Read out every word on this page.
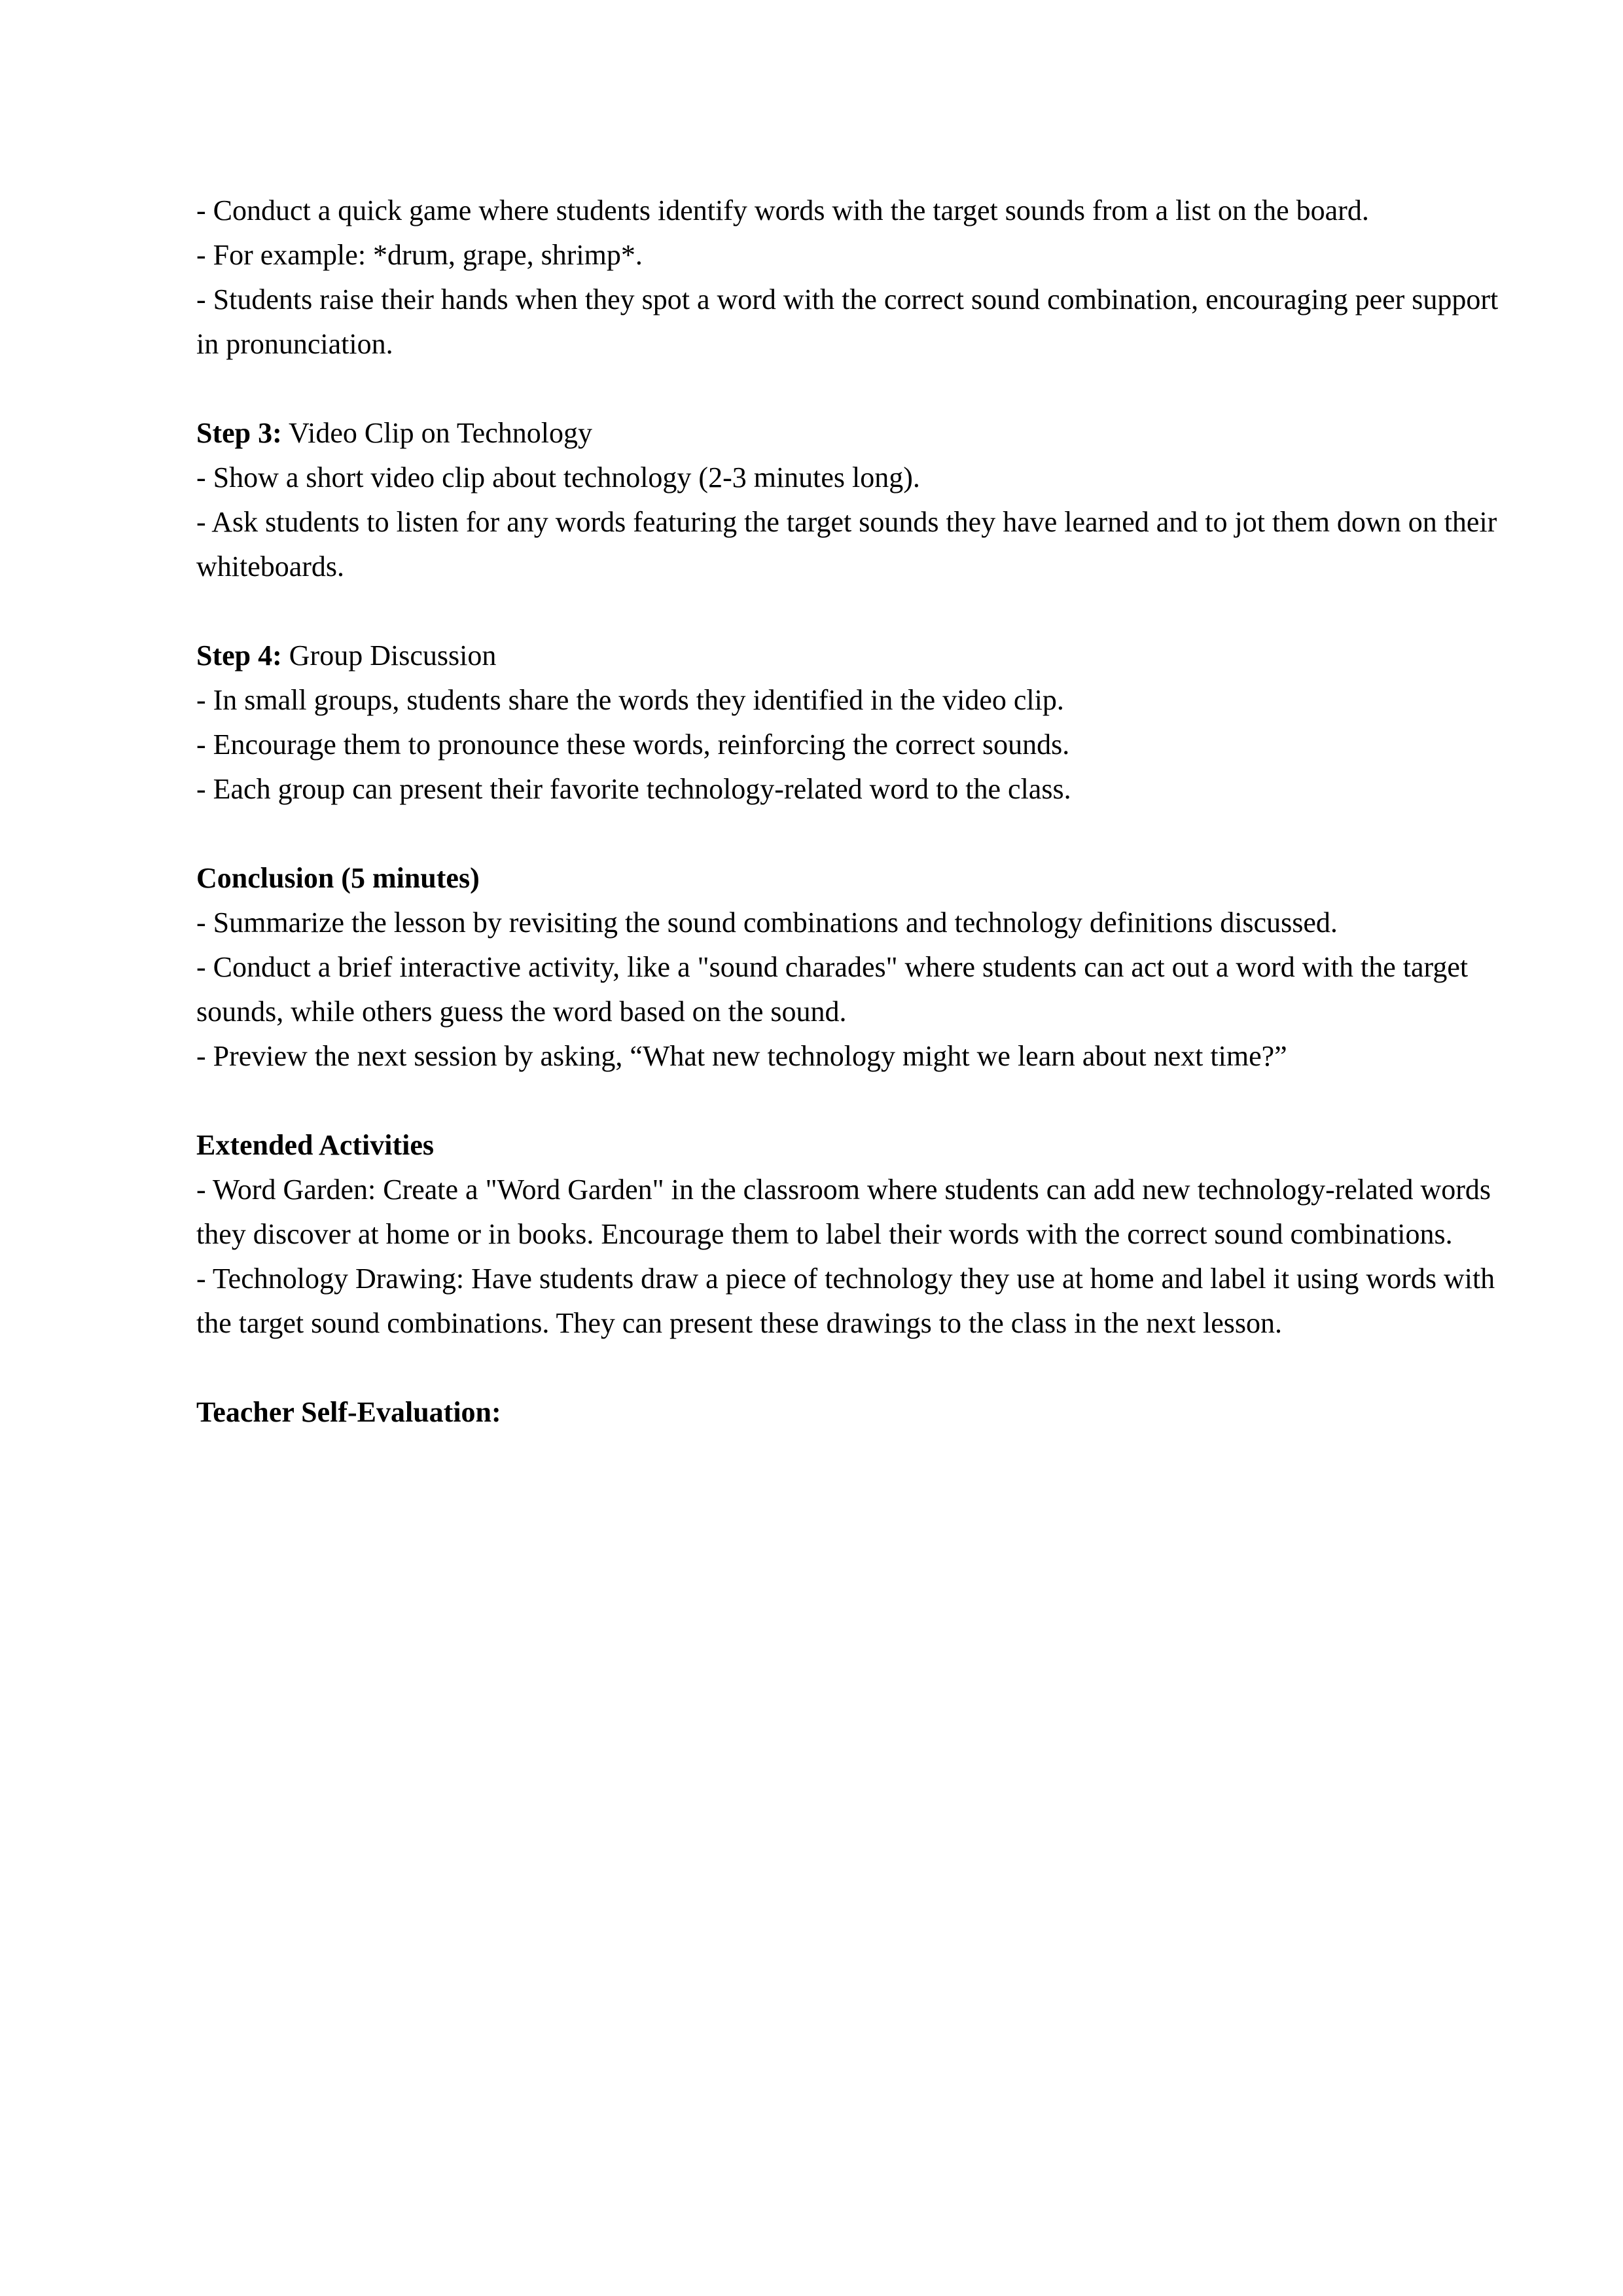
- Conduct a quick game where students identify words with the target sounds from a list on the board.

- For example: *drum, grape, shrimp*.

- Students raise their hands when they spot a word with the correct sound combination, encouraging peer support in pronunciation.

Step 3: Video Clip on Technology

- Show a short video clip about technology (2-3 minutes long).

- Ask students to listen for any words featuring the target sounds they have learned and to jot them down on their whiteboards.

Step 4: Group Discussion

- In small groups, students share the words they identified in the video clip.

- Encourage them to pronounce these words, reinforcing the correct sounds.

- Each group can present their favorite technology-related word to the class.

Conclusion (5 minutes)

- Summarize the lesson by revisiting the sound combinations and technology definitions discussed.

- Conduct a brief interactive activity, like a "sound charades" where students can act out a word with the target sounds, while others guess the word based on the sound.

- Preview the next session by asking, “What new technology might we learn about next time?”

Extended Activities

- Word Garden: Create a "Word Garden" in the classroom where students can add new technology-related words they discover at home or in books. Encourage them to label their words with the correct sound combinations.

- Technology Drawing: Have students draw a piece of technology they use at home and label it using words with the target sound combinations. They can present these drawings to the class in the next lesson.

Teacher Self-Evaluation:
